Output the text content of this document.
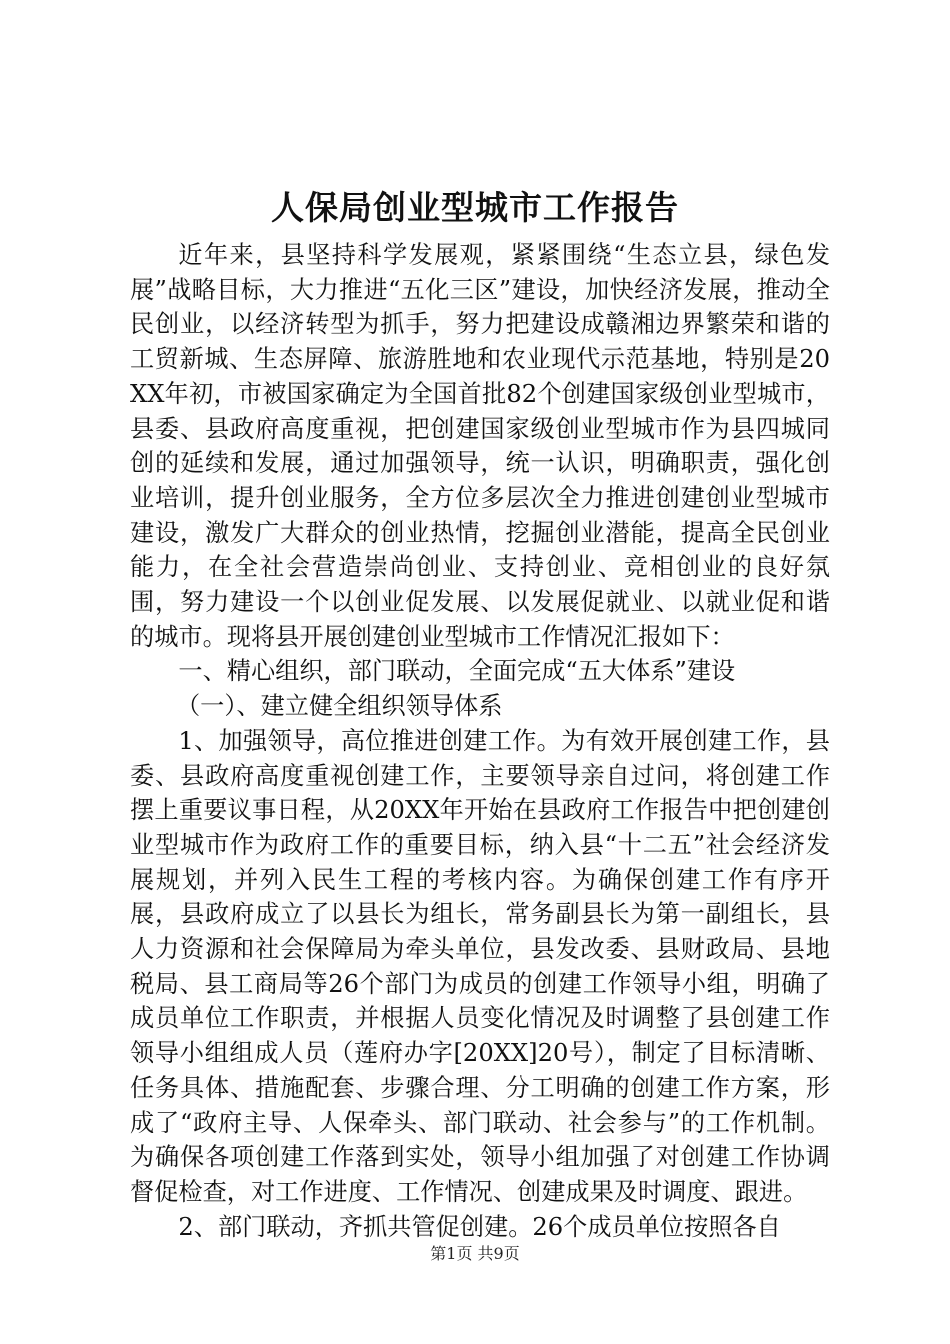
人保局创业型城市工作报告

近年来，县坚持科学发展观，紧紧围绕“生态立县，绿色发展”战略目标，大力推进“五化三区”建设，加快经济发展，推动全民创业，以经济转型为抓手，努力把建设成赣湘边界繁荣和谐的工贸新城、生态屏障、旅游胜地和农业现代示范基地，特别是20XX年初，市被国家确定为全国首批82个创建国家级创业型城市，县委、县政府高度重视，把创建国家级创业型城市作为县四城同创的延续和发展，通过加强领导，统一认识，明确职责，强化创业培训，提升创业服务，全方位多层次全力推进创建创业型城市建设，激发广大群众的创业热情，挖掘创业潜能，提高全民创业能力，在全社会营造崇尚创业、支持创业、竞相创业的良好氛围，努力建设一个以创业促发展、以发展促就业、以就业促和谐的城市。现将县开展创建创业型城市工作情况汇报如下：

一、精心组织，部门联动，全面完成“五大体系”建设

（一）、建立健全组织领导体系

1、加强领导，高位推进创建工作。为有效开展创建工作，县委、县政府高度重视创建工作，主要领导亲自过问，将创建工作摆上重要议事日程，从20XX年开始在县政府工作报告中把创建创业型城市作为政府工作的重要目标，纳入县“十二五”社会经济发展规划，并列入民生工程的考核内容。为确保创建工作有序开展，县政府成立了以县长为组长，常务副县长为第一副组长，县人力资源和社会保障局为牵头单位，县发改委、县财政局、县地税局、县工商局等26个部门为成员的创建工作领导小组，明确了成员单位工作职责，并根据人员变化情况及时调整了县创建工作领导小组组成人员（莲府办字[20XX]20号），制定了目标清晰、任务具体、措施配套、步骤合理、分工明确的创建工作方案，形成了“政府主导、人保牵头、部门联动、社会参与”的工作机制。为确保各项创建工作落到实处，领导小组加强了对创建工作协调督促检查，对工作进度、工作情况、创建成果及时调度、跟进。

2、部门联动，齐抓共管促创建。26个成员单位按照各自

第1页 共9页
